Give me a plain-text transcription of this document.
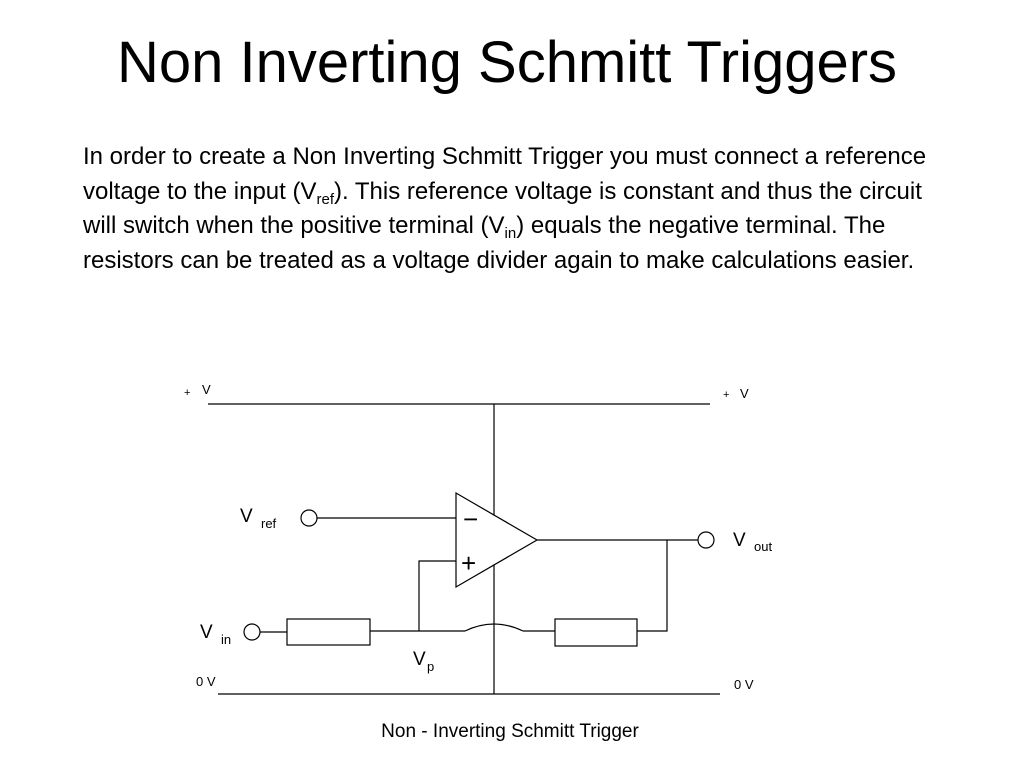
Non Inverting Schmitt Triggers

In order to create a Non Inverting Schmitt Trigger you must connect a reference voltage to the input $(V_{ref})$. This reference voltage is constant and thus the circuit will switch when the positive terminal $(V_{in})$ equals the negative terminal. The resistors can be treated as a voltage divider again to make calculations easier.

−
+
+ V	+ V
0 V	0 V
V ref
V in
V out
V p
Non - Inverting Schmitt Trigger
